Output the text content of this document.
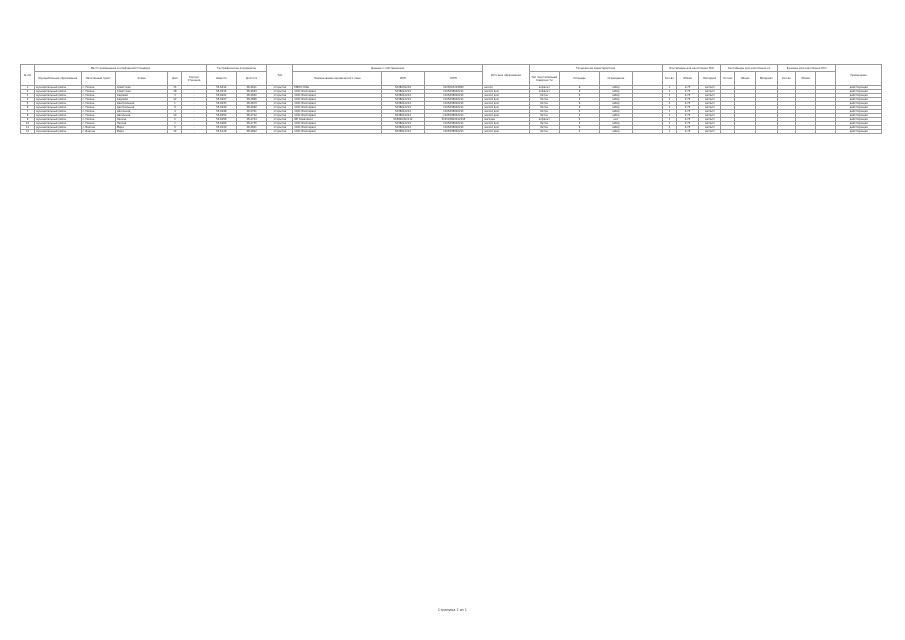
№ п/п	Место размещения контейнерной площадки					Географические координаты		Тип	Данные о собственниках			Источник образования	Технические характеристики				Контейнеры для накопления ТКО			Контейнеры для накопления ко			Бункеры для накопления КГО			Примечание
	Муниципальное образование	Населенный пункт	Улица	Дом	Корпус/Строение	Широта	Долгота		Наименование юридического лица	ИНН	ОГРН		Тип подстилающей поверхности	Площадь	Ограждение		Кол-во	Объем	Материал	Кол-во	Объем	Материал	Кол-во	Объем		
1	муниципальный район	с. Нижне	Советская	15	-	55.6012	38.4621	открытая	МБОУ СОШ	5038001234	1025003219852	школа	асфальт	6	забор		1	0.75	металл							действующая
2	муниципальный район	с. Нижне	Советская	18	-	55.6015	38.4633	открытая	ООО Жилсервис	5038012214	1105038002211	жилой дом	асфальт	6	забор		1	0.75	металл							действующая
3	муниципальный район	с. Нижне	Садовая	3	-	55.6021	38.4652	открытая	ООО Жилсервис	5038012214	1105038002211	жилой дом	бетон	4	забор		1	0.75	металл							действующая
4	муниципальный район	с. Нижне	Садовая	12	-	55.6027	38.4668	открытая	ООО Жилсервис	5038012214	1105038002211	жилой дом	бетон	4	забор		1	0.75	металл							действующая
5	муниципальный район	с. Нижне	Центральная	1	-	55.6033	38.4679	открытая	ООО Жилсервис	5038012214	1105038002211	жилой дом	бетон	6	забор		2	0.75	металл							действующая
6	муниципальный район	с. Нижне	Центральная	9	-	55.6040	38.4690	открытая	ООО Жилсервис	5038012214	1105038002211	жилой дом	бетон	6	забор		1	0.75	металл							действующая
7	муниципальный район	с. Нижне	Школьная	4	-	55.6046	38.4701	открытая	ООО Жилсервис	5038012214	1105038002211	жилой дом	бетон	4	забор		1	0.75	металл							действующая
8	муниципальный район	с. Нижне	Школьная	10	-	55.6052	38.4712	открытая	ООО Жилсервис	5038012214	1105038002211	жилой дом	бетон	4	забор		1	0.75	металл							действующая
9	муниципальный район	с. Нижне	Лесная	2	-	55.6058	38.4724	открытая	ИП Коваленко	503800452112	315503800012345	магазин	асфальт	2	нет		1	0.75	металл							действующая
10	муниципальный район	с. Нижне	Лесная	7	-	55.6064	38.4735	открытая	ООО Жилсервис	5038012214	1105038002211	жилой дом	бетон	4	забор		1	0.75	металл							действующая
11	муниципальный район	с. Верхне	Мира	5	-	55.6120	38.4811	открытая	ООО Жилсервис	5038012214	1105038002211	жилой дом	бетон	6	забор		2	0.75	металл							действующая
12	муниципальный район	с. Верхне	Мира	14	-	55.6126	38.4822	открытая	ООО Жилсервис	5038012214	1105038002211	жилой дом	бетон	4	забор		1	0.75	металл							действующая
Страница 1 из 1
